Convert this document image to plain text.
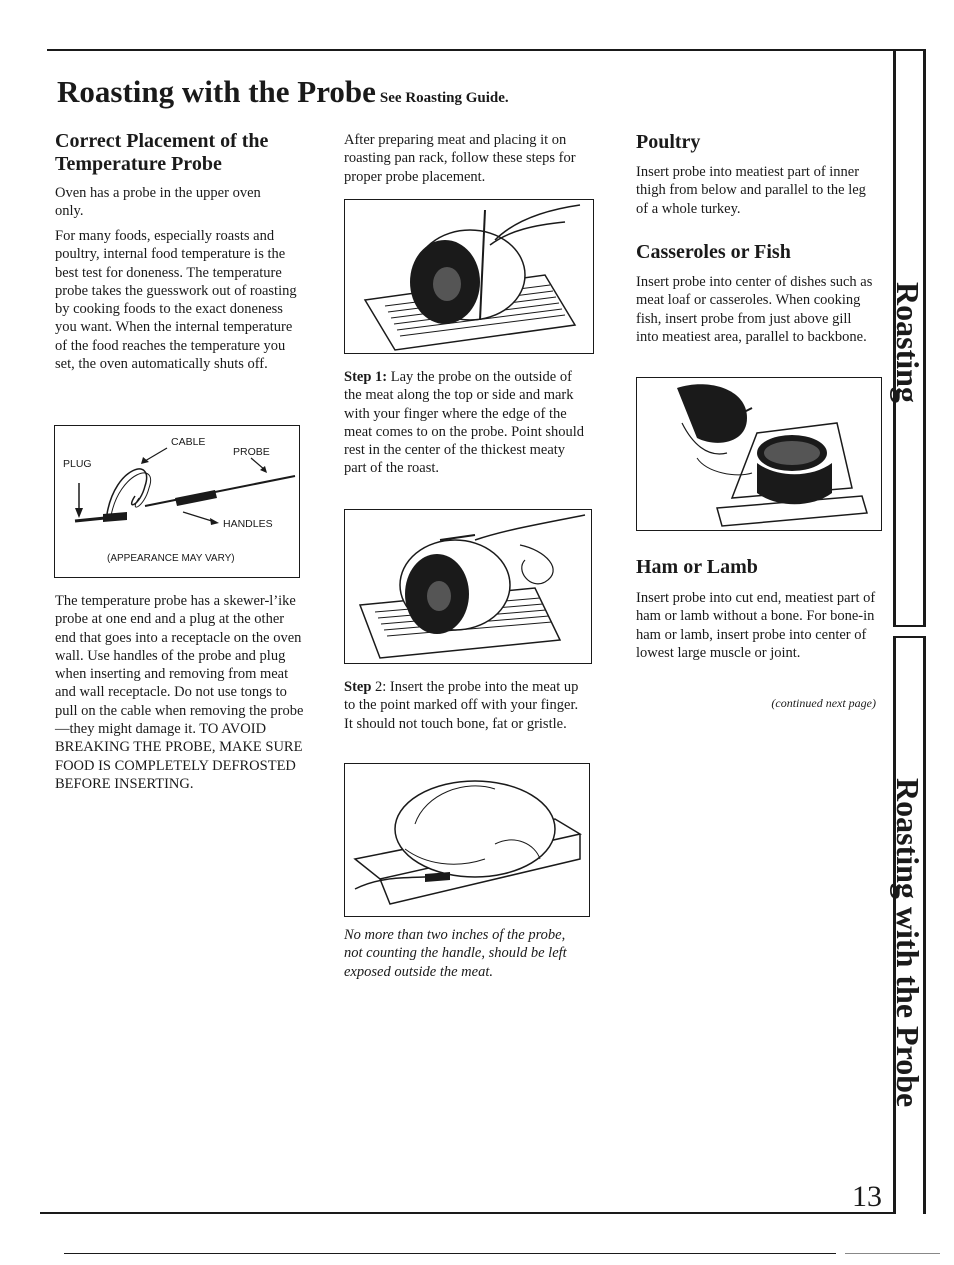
Roasting
Roasting with the Probe
Roasting with the Probe See Roasting Guide.
Correct Placement of the Temperature Probe

Oven has a probe in the upper oven only.

For many foods, especially roasts and poultry, internal food temperature is the best test for doneness. The temperature probe takes the guesswork out of roasting by cooking foods to the exact doneness you want. When the internal temperature of the food reaches the temperature you set, the oven automatically shuts off.

CABLE
PLUG
PROBE
HANDLES
(APPEARANCE MAY VARY)

The temperature probe has a skewer-l’ike probe at one end and a plug at the other end that goes into a receptacle on the oven wall. Use handles of the probe and plug when inserting and removing from meat and wall receptacle. Do not use tongs to pull on the cable when removing the probe—they might damage it. TO AVOID BREAKING THE PROBE, MAKE SURE FOOD IS COMPLETELY DEFROSTED BEFORE INSERTING.

After preparing meat and placing it on roasting pan rack, follow these steps for proper probe placement.

Step 1: Lay the probe on the outside of the meat along the top or side and mark with your finger where the edge of the meat comes to on the probe. Point should rest in the center of the thickest meaty part of the roast.

Step 2: Insert the probe into the meat up to the point marked off with your finger. It should not touch bone, fat or gristle.

No more than two inches of the probe, not counting the handle, should be left exposed outside the meat.

Poultry

Insert probe into meatiest part of inner thigh from below and parallel to the leg of a whole turkey.

Casseroles or Fish

Insert probe into center of dishes such as meat loaf or casseroles. When cooking fish, insert probe from just above gill into meatiest area, parallel to backbone.

Ham or Lamb

Insert probe into cut end, meatiest part of ham or lamb without a bone. For bone-in ham or lamb, insert probe into center of lowest large muscle or joint.

(continued next page)

13
